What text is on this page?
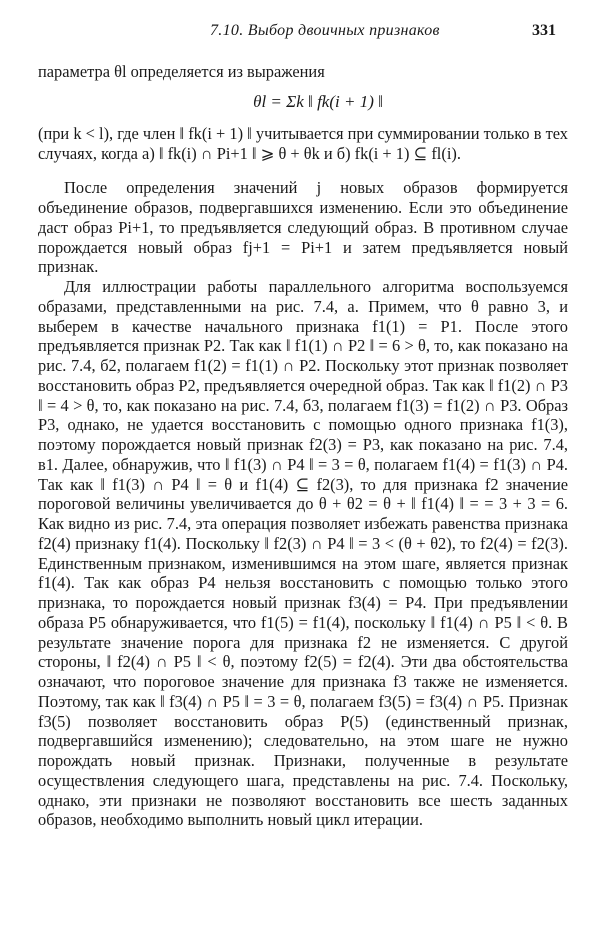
7.10. Выбор двоичных признаков	331

параметра θl определяется из выражения

θl = Σk ‖ fk(i + 1) ‖

(при k < l), где член ‖ fk(i + 1) ‖ учитывается при суммировании только в тех случаях, когда а) ‖ fk(i) ∩ Pi+1 ‖ ⩾ θ + θk и б) fk(i + 1) ⊆ fl(i).

После определения значений j новых образов формируется объединение образов, подвергавшихся изменению. Если это объединение даст образ Pi+1, то предъявляется следующий образ. В противном случае порождается новый образ fj+1 = Pi+1 и затем предъявляется новый признак.

Для иллюстрации работы параллельного алгоритма воспользуемся образами, представленными на рис. 7.4, а. Примем, что θ равно 3, и выберем в качестве начального признака f1(1) = P1. После этого предъявляется признак P2. Так как ‖ f1(1) ∩ P2 ‖ = 6 > θ, то, как показано на рис. 7.4, б2, полагаем f1(2) = f1(1) ∩ P2. Поскольку этот признак позволяет восстановить образ P2, предъявляется очередной образ. Так как ‖ f1(2) ∩ P3 ‖ = 4 > θ, то, как показано на рис. 7.4, б3, полагаем f1(3) = f1(2) ∩ P3. Образ P3, однако, не удается восстановить с помощью одного признака f1(3), поэтому порождается новый признак f2(3) = P3, как показано на рис. 7.4, в1. Далее, обнаружив, что ‖ f1(3) ∩ P4 ‖ = 3 = θ, полагаем f1(4) = f1(3) ∩ P4. Так как ‖ f1(3) ∩ P4 ‖ = θ и f1(4) ⊆ f2(3), то для признака f2 значение пороговой величины увеличивается до θ + θ2 = θ + ‖ f1(4) ‖ = = 3 + 3 = 6. Как видно из рис. 7.4, эта операция позволяет избежать равенства признака f2(4) признаку f1(4). Поскольку ‖ f2(3) ∩ P4 ‖ = 3 < (θ + θ2), то f2(4) = f2(3). Единственным признаком, изменившимся на этом шаге, является признак f1(4). Так как образ P4 нельзя восстановить с помощью только этого признака, то порождается новый признак f3(4) = P4. При предъявлении образа P5 обнаруживается, что f1(5) = f1(4), поскольку ‖ f1(4) ∩ P5 ‖ < θ. В результате значение порога для признака f2 не изменяется. С другой стороны, ‖ f2(4) ∩ P5 ‖ < θ, поэтому f2(5) = f2(4). Эти два обстоятельства означают, что пороговое значение для признака f3 также не изменяется. Поэтому, так как ‖ f3(4) ∩ P5 ‖ = 3 = θ, полагаем f3(5) = f3(4) ∩ P5. Признак f3(5) позволяет восстановить образ P(5) (единственный признак, подвергавшийся изменению); следовательно, на этом шаге не нужно порождать новый признак. Признаки, полученные в результате осуществления следующего шага, представлены на рис. 7.4. Поскольку, однако, эти признаки не позволяют восстановить все шесть заданных образов, необходимо выполнить новый цикл итерации.
